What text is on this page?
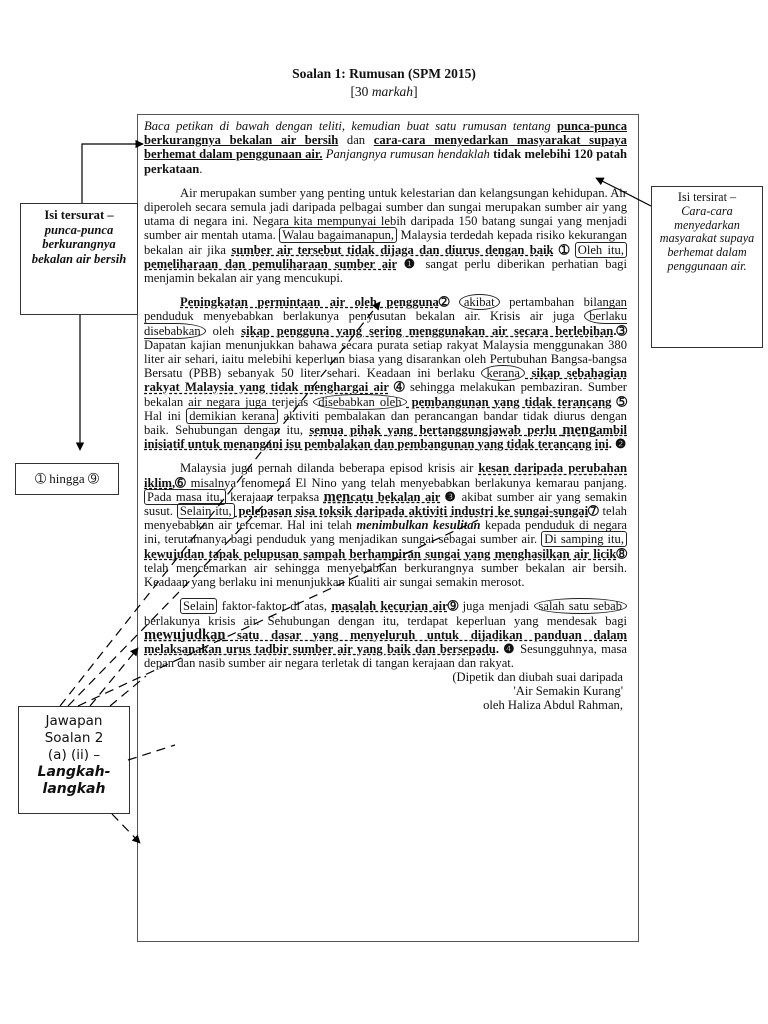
Soalan 1: Rumusan (SPM 2015)
[30 markah]

Baca petikan di bawah dengan teliti, kemudian buat satu rumusan tentang punca-punca berkurangnya bekalan air bersih dan cara-cara menyedarkan masyarakat supaya berhemat dalam penggunaan air. Panjangnya rumusan hendaklah tidak melebihi 120 patah perkataan.

Air merupakan sumber yang penting untuk kelestarian dan kelangsungan kehidupan. Air diperoleh secara semula jadi daripada pelbagai sumber dan sungai merupakan sumber air yang utama di negara ini. Negara kita mempunyai lebih daripada 150 batang sungai yang menjadi sumber air mentah utama. Walau bagaimanapun, Malaysia terdedah kepada risiko kekurangan bekalan air jika sumber air tersebut tidak dijaga dan diurus dengan baik ➀ Oleh itu, pemeliharaan dan pemuliharaan sumber air ❶ sangat perlu diberikan perhatian bagi menjamin bekalan air yang mencukupi.

Peningkatan permintaan air oleh pengguna➁ akibat pertambahan bilangan penduduk menyebabkan berlakunya penyusutan bekalan air. Krisis air juga berlaku disebabkan oleh sikap pengguna yang sering menggunakan air secara berlebihan.➂ Dapatan kajian menunjukkan bahawa secara purata setiap rakyat Malaysia menggunakan 380 liter air sehari, iaitu melebihi keperluan biasa yang disarankan oleh Pertubuhan Bangsa-bangsa Bersatu (PBB) sebanyak 50 liter sehari. Keadaan ini berlaku kerana sikap sebahagian rakyat Malaysia yang tidak menghargai air ➃ sehingga melakukan pembaziran. Sumber bekalan air negara juga terjejas disebabkan oleh pembangunan yang tidak terancang ➄ Hal ini demikian kerana aktiviti pembalakan dan perancangan bandar tidak diurus dengan baik. Sehubungan dengan itu, semua pihak yang bertanggungjawab perlu mengambil inisiatif untuk menangani isu pembalakan dan pembangunan yang tidak terancang ini. ❷

Malaysia juga pernah dilanda beberapa episod krisis air kesan daripada perubahan iklim,➅ misalnya fenomena El Nino yang telah menyebabkan berlakunya kemarau panjang. Pada masa itu, kerajaan terpaksa mencatu bekalan air ❸ akibat sumber air yang semakin susut. Selain itu, pelepasan sisa toksik daripada aktiviti industri ke sungai-sungai➆ telah menyebabkan air tercemar. Hal ini telah menimbulkan kesulitan kepada penduduk di negara ini, terutamanya bagi penduduk yang menjadikan sungai sebagai sumber air. Di samping itu, kewujudan tapak pelupusan sampah berhampiran sungai yang menghasilkan air licik➇ telah mencemarkan air sehingga menyebabkan berkurangnya sumber bekalan air bersih. Keadaan yang berlaku ini menunjukkan kualiti air sungai semakin merosot.

Selain faktor-faktor di atas, masalah kecurian air➈ juga menjadi salah satu sebab berlakunya krisis air. Sehubungan dengan itu, terdapat keperluan yang mendesak bagi mewujudkan satu dasar yang menyeluruh untuk dijadikan panduan dalam melaksanakan urus tadbir sumber air yang baik dan bersepadu. ❹ Sesungguhnya, masa depan dan nasib sumber air negara terletak di tangan kerajaan dan rakyat.

(Dipetik dan diubah suai daripada
'Air Semakin Kurang'
oleh Haliza Abdul Rahman,

Isi tersurat –
punca-punca berkurangnya bekalan air bersih
Isi tersirat –
Cara-cara menyedarkan masyarakat supaya berhemat dalam penggunaan air.
➀ hingga ➈
Jawapan
Soalan 2
(a) (ii) –
Langkah-langkah
